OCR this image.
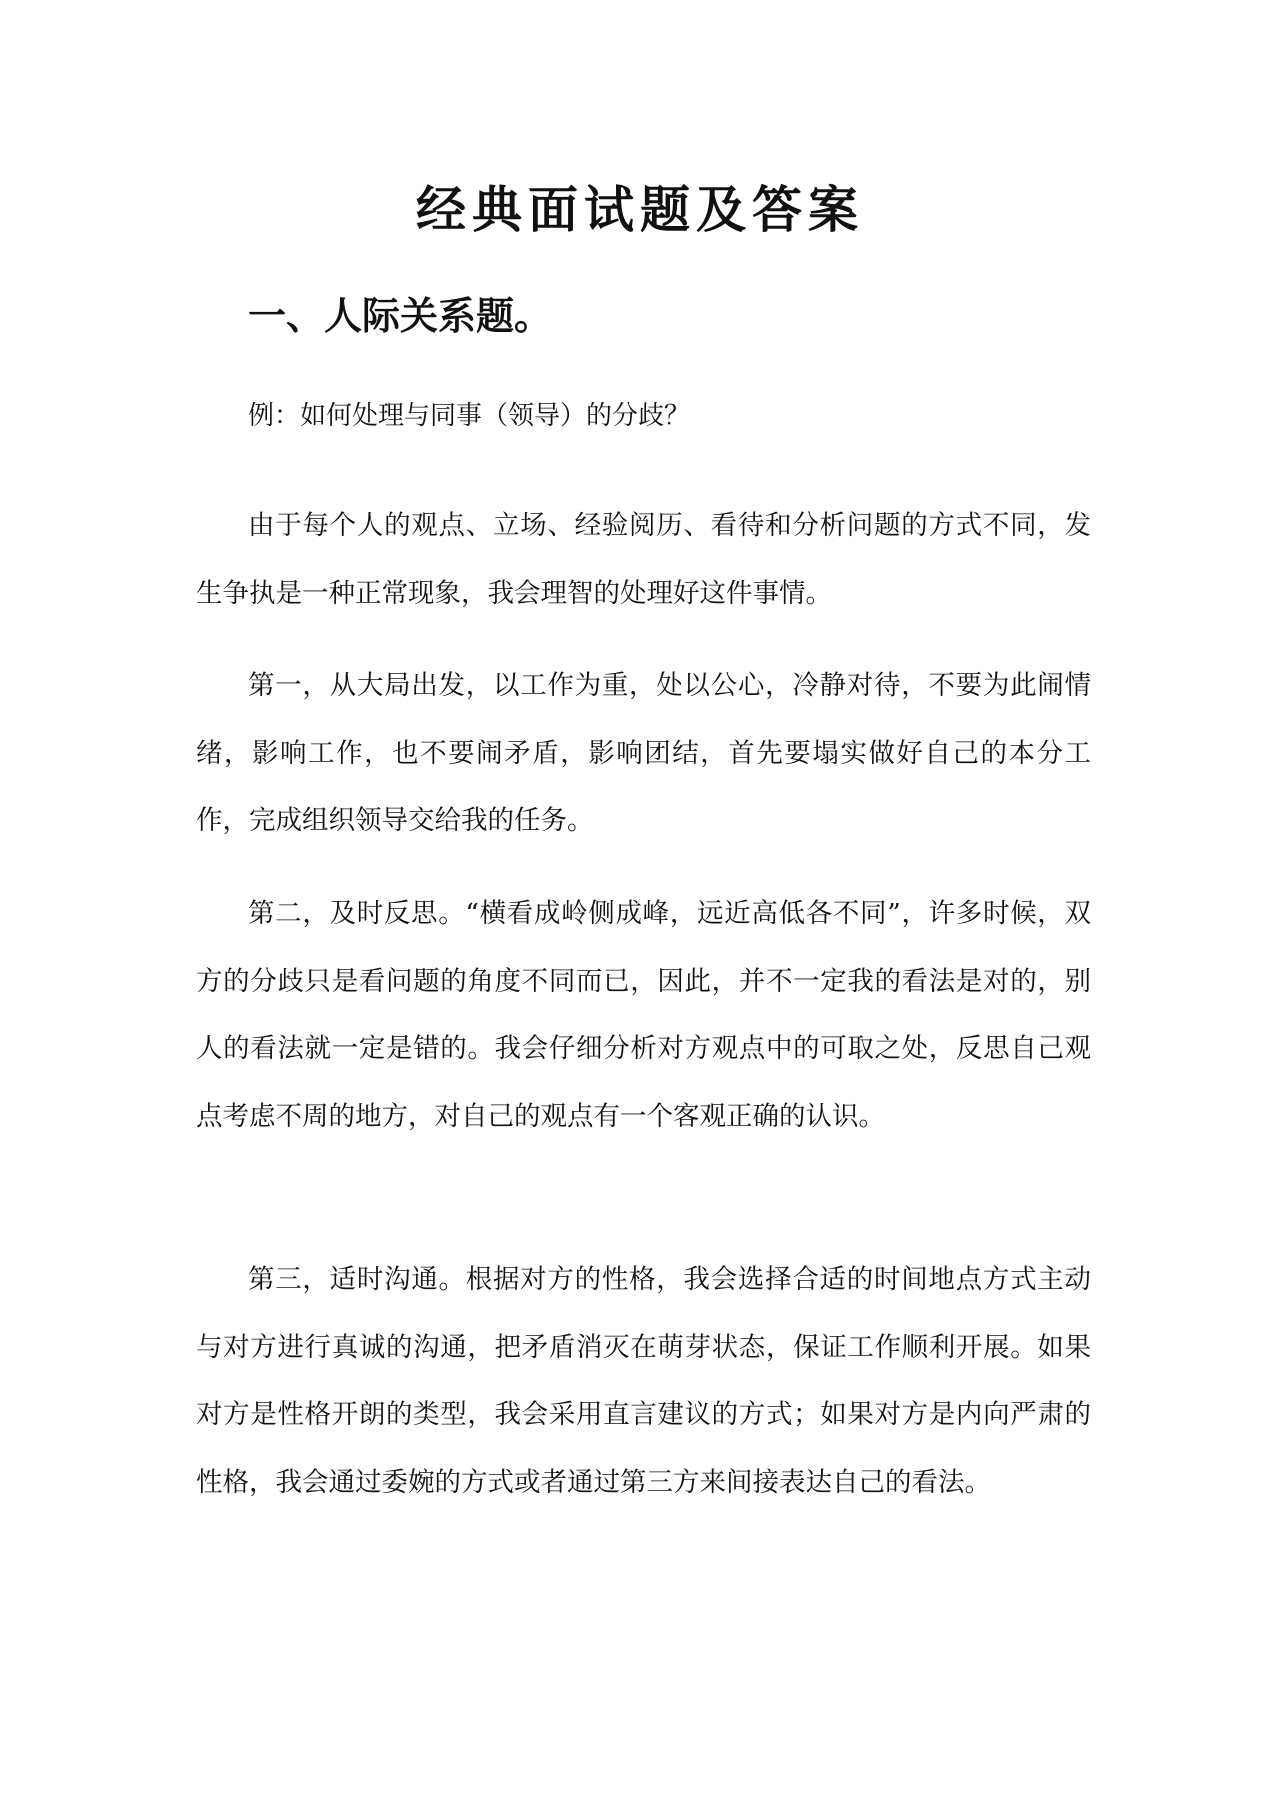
经典面试题及答案
一、人际关系题。

例：如何处理与同事（领导）的分歧？

由于每个人的观点、立场、经验阅历、看待和分析问题的方式不同，发生争执是一种正常现象，我会理智的处理好这件事情。

第一，从大局出发，以工作为重，处以公心，冷静对待，不要为此闹情绪，影响工作，也不要闹矛盾，影响团结，首先要塌实做好自己的本分工作，完成组织领导交给我的任务。

第二，及时反思。“横看成岭侧成峰，远近高低各不同”，许多时候，双方的分歧只是看问题的角度不同而已，因此，并不一定我的看法是对的，别人的看法就一定是错的。我会仔细分析对方观点中的可取之处，反思自己观点考虑不周的地方，对自己的观点有一个客观正确的认识。

第三，适时沟通。根据对方的性格，我会选择合适的时间地点方式主动与对方进行真诚的沟通，把矛盾消灭在萌芽状态，保证工作顺利开展。如果对方是性格开朗的类型，我会采用直言建议的方式；如果对方是内向严肃的性格，我会通过委婉的方式或者通过第三方来间接表达自己的看法。
